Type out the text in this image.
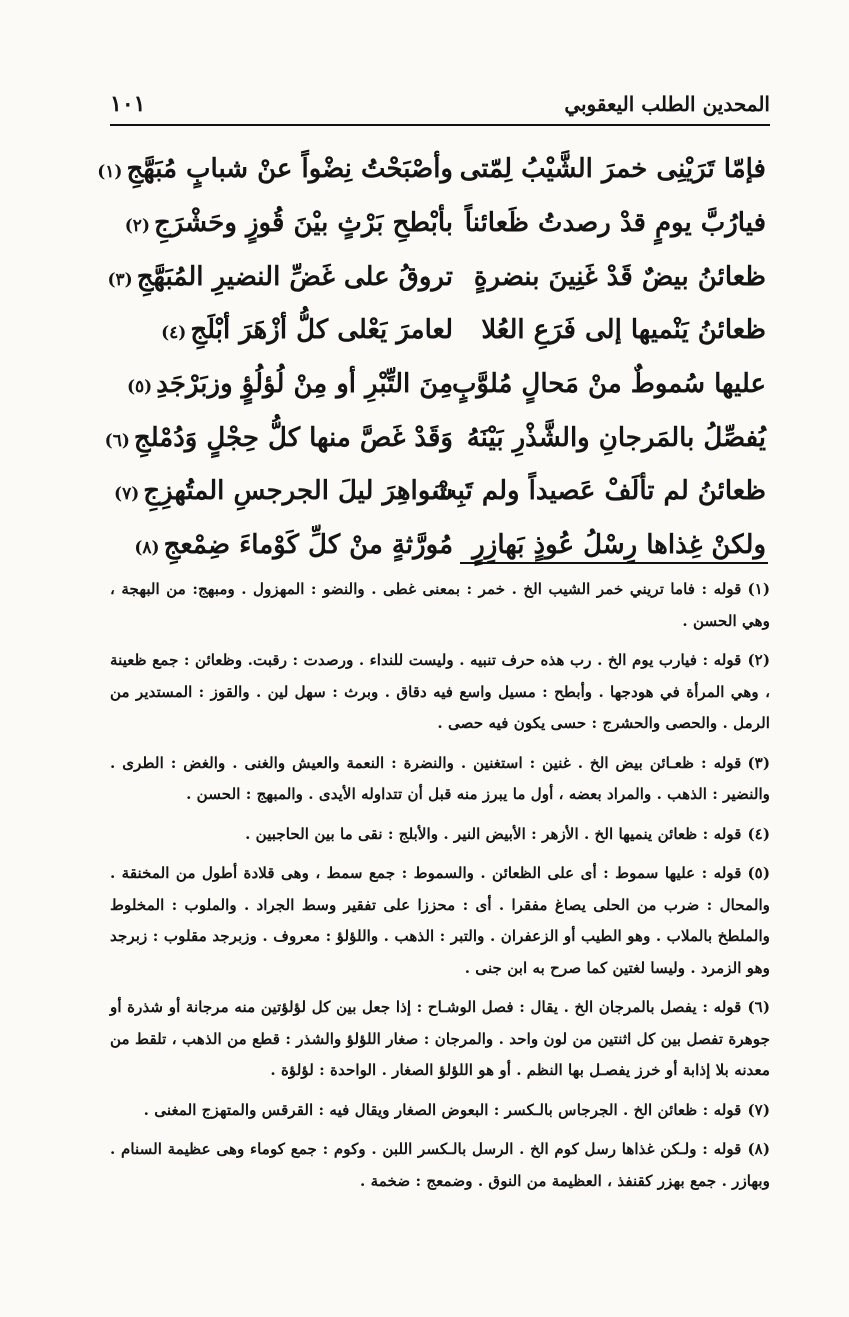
المحدين الطلب اليعقوبي
١٠١
فإمّا تَرَيْنِى خمرَ الشَّيْبُ لِمّتى
وأصْبَحْتُ نِضْواً عنْ شبابٍ مُبَهَّجِ(١)
فيارُبَّ يومٍ قدْ رصدتُ ظَعائناً
بأبْطحِ بَرْثٍ بيْنَ قُوزٍ وحَشْرَجِ(٢)
ظعائنُ بيضٌ قَدْ غَنِينَ بنضرةٍ
تروقُ على غَضِّ النضيرِ المُبَهَّجِ(٣)
ظعائنُ يَنْميها إلى فَرَعِ العُلا
لعامرَ يَعْلى كلُّ أزْهَرَ أبْلَجِ(٤)
عليها سُموطٌ منْ مَحالٍ مُلوَّبٍ
مِنَ التِّبْرِ أو مِنْ لُؤلُؤٍ وزبَرْجَدِ(٥)
يُفصِّلُ بالمَرجانِ والشَّذْرِ بَيْنَهُ
وَقَدْ غَصَّ منها كلُّ حِجْلٍ وَدُمْلجِ(٦)
ظعائنُ لم تألَفْ عَصيداً ولم تَبِتْ
سَواهِرَ ليلَ الجرجسِ المتُهزِجِ(٧)
ولكنْ غِذاها رِسْلُ عُوذٍ بَهازِرٍ
مُورَّثةٍ منْ كلِّ كَوْماءَ ضِمْعجِ(٨)

(١)قوله : فاما تريني خمر الشيب الخ . خمر : بمعنى غطى . والنضو : المهزول . ومبهج: من البهجة ، وهي الحسن .

(٢)قوله : فيارب يوم الخ . رب هذه حرف تنبيه . وليست للنداء . ورصدت : رقبت. وظعائن : جمع ظعينة ، وهي المرأة في هودجها . وأبطح : مسيل واسع فيه دقاق . وبرث : سهل لين . والقوز : المستدير من الرمل . والحصى والحشرج : حسى يكون فيه حصى .

(٣)قوله : ظعـائن بيض الخ . غنين : استغنين . والنضرة : النعمة والعيش والغنى . والغض : الطرى . والنضير : الذهب . والمراد بعضه ، أول ما يبرز منه قبل أن تتداوله الأيدى . والمبهج : الحسن .

(٤)قوله : ظعائن ينميها الخ . الأزهر : الأبيض النير . والأبلج : نقى ما بين الحاجبين .

(٥)قوله : عليها سموط : أى على الظعائن . والسموط : جمع سمط ، وهى قلادة أطول من المخنقة . والمحال : ضرب من الحلى يصاغ مفقرا . أى : محززا على تفقير وسط الجراد . والملوب : المخلوط والملطخ بالملاب . وهو الطيب أو الزعفران . والتبر : الذهب . واللؤلؤ : معروف . وزبرجد مقلوب : زبرجد وهو الزمرد . وليسا لغتين كما صرح به ابن جنى .

(٦)قوله : يفصل بالمرجان الخ . يقال : فصل الوشـاح : إذا جعل بين كل لؤلؤتين منه مرجانة أو شذرة أو جوهرة تفصل بين كل اثنتين من لون واحد . والمرجان : صغار اللؤلؤ والشذر : قطع من الذهب ، تلقط من معدنه بلا إذابة أو خرز يفصـل بها النظم . أو هو اللؤلؤ الصغار . الواحدة : لؤلؤة .

(٧)قوله : ظعائن الخ . الجرجاس بالـكسر : البعوض الصغار ويقال فيه : القرقس والمتهزج المغنى .

(٨)قوله : ولـكن غذاها رسل كوم الخ . الرسل بالـكسر اللبن . وكوم : جمع كوماء وهى عظيمة السنام . وبهازر . جمع بهزر كقنفذ ، العظيمة من النوق . وضمعج : ضخمة .
